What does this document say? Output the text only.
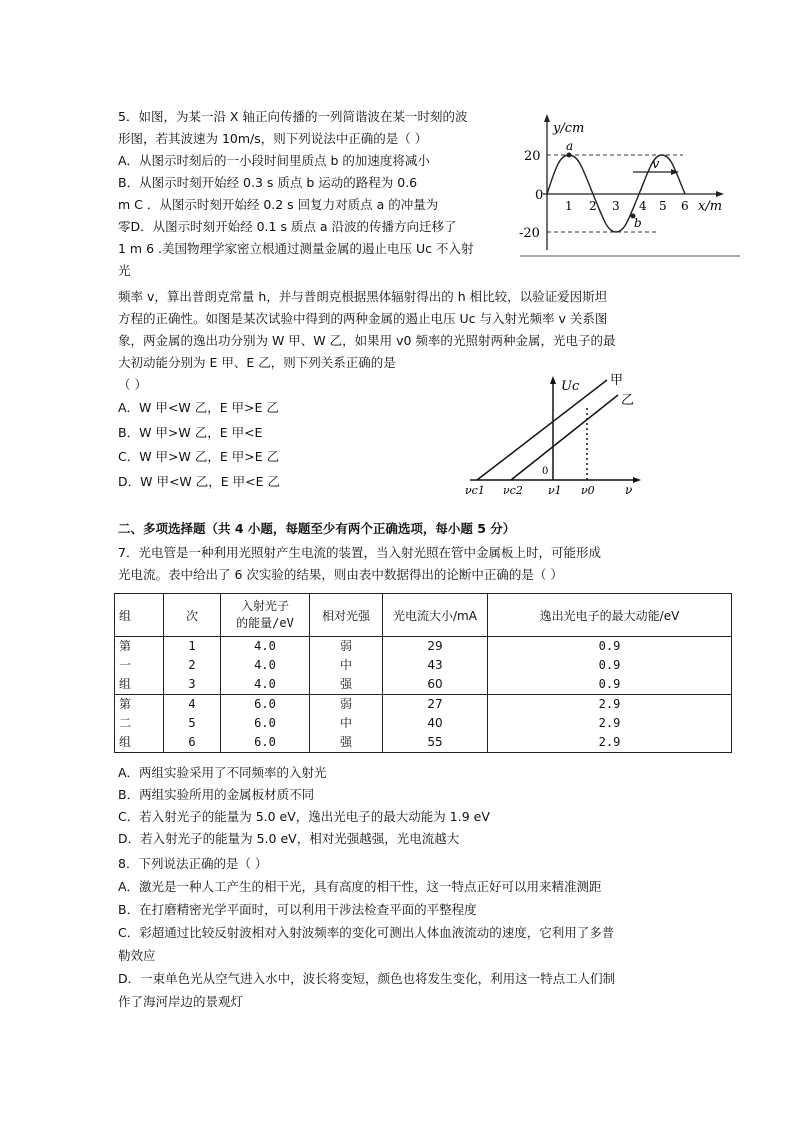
5．如图，为某一沿 X 轴正向传播的一列简谐波在某一时刻的波
形图，若其波速为 10m/s，则下列说法中正确的是（ ）
A．从图示时刻后的一小段时间里质点 b 的加速度将减小
B．从图示时刻开始经 0.3 s 质点 b 运动的路程为 0.6
m C ．从图示时刻开始经 0.2 s 回复力对质点 a 的冲量为
零D．从图示时刻开始经 0.1 s 质点 a 沿波的传播方向迁移了
1 m 6 .美国物理学家密立根通过测量金属的遏止电压 Uc 不入射
光
y/cm
20
0
-20
1 2 3 4 5 6 x/m
a
b
v
频率 v，算出普朗克常量 h，并与普朗克根据黑体辐射得出的 h 相比较，以验证爱因斯坦
方程的正确性。如图是某次试验中得到的两种金属的遏止电压 Uc 与入射光频率 v 关系图
象，两金属的逸出功分别为 W 甲、W 乙，如果用 v0 频率的光照射两种金属，光电子的最
大初动能分别为 E 甲、E 乙，则下列关系正确的是
（ ）
A．W 甲<W 乙，E 甲>E 乙
B．W 甲>W 乙，E 甲<E
C．W 甲>W 乙，E 甲>E 乙
D．W 甲<W 乙，E 甲<E 乙
Uc 甲
乙
0
νc1 νc2 ν1 ν0	ν
二、多项选择题（共 4 小题，每题至少有两个正确选项，每小题 5 分）
7．光电管是一种利用光照射产生电流的装置，当入射光照在管中金属板上时，可能形成
光电流。表中给出了 6 次实验的结果，则由表中数据得出的论断中正确的是（ ）
组	次	入射光子
的能量/eV	相对光强	光电流大小/mA	逸出光电子的最大动能/eV
第	1	4.0	弱	29	0.9
一	2	4.0	中	43	0.9
组	3	4.0	强	60	0.9
第	4	6.0	弱	27	2.9
二	5	6.0	中	40	2.9
组	6	6.0	强	55	2.9
A．两组实验采用了不同频率的入射光
B．两组实验所用的金属板材质不同
C．若入射光子的能量为 5.0 eV，逸出光电子的最大动能为 1.9 eV
D．若入射光子的能量为 5.0 eV，相对光强越强，光电流越大
8．下列说法正确的是（ ）
A．激光是一种人工产生的相干光，具有高度的相干性，这一特点正好可以用来精准测距
B．在打磨精密光学平面时，可以利用干涉法检查平面的平整程度
C．彩超通过比较反射波相对入射波频率的变化可测出人体血液流动的速度，它利用了多普
勒效应
D．一束单色光从空气进入水中，波长将变短，颜色也将发生变化，利用这一特点工人们制
作了海河岸边的景观灯
